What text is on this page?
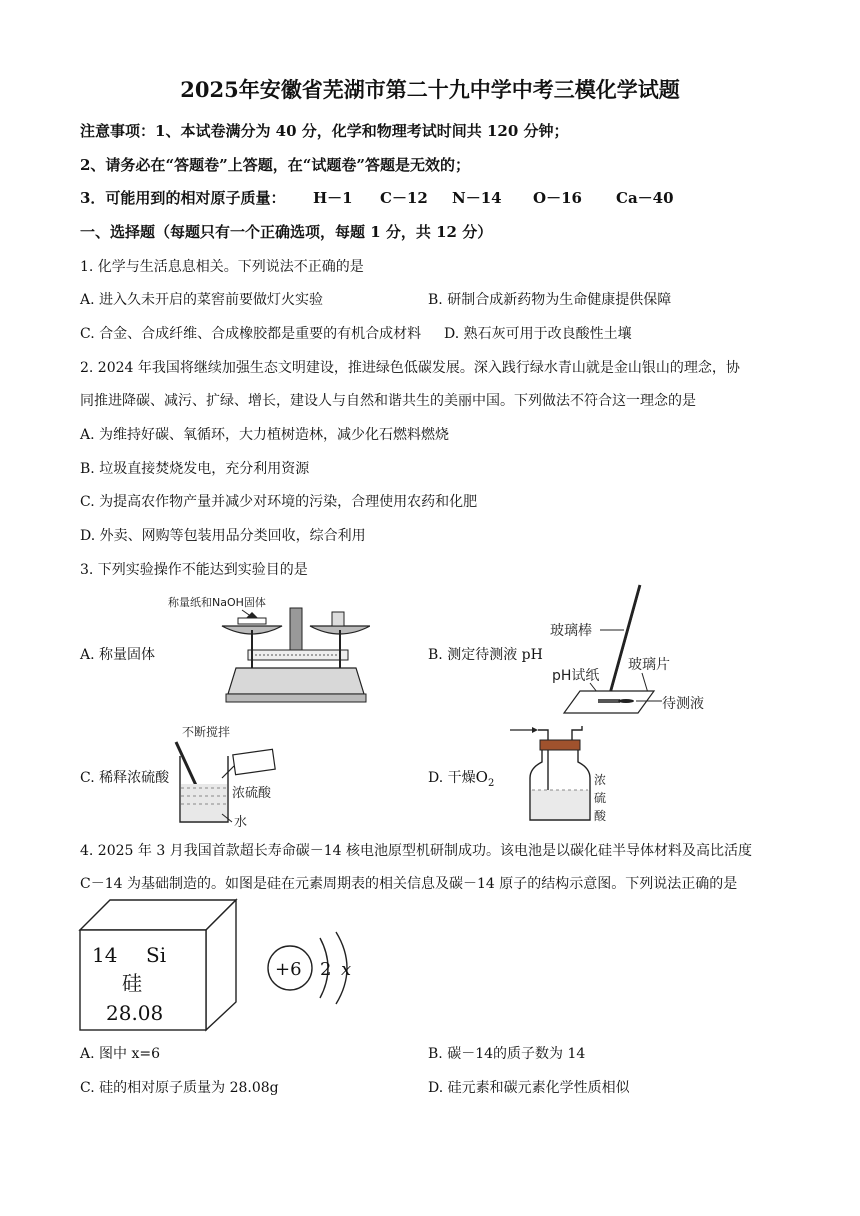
2025年安徽省芜湖市第二十九中学中考三模化学试题
注意事项：1、本试卷满分为 40 分，化学和物理考试时间共 120 分钟；
2、请务必在“答题卷”上答题，在“试题卷”答题是无效的；
3．可能用到的相对原子质量： H－1 C－12 N－14 O－16 Ca－40
一、选择题（每题只有一个正确选项，每题 1 分，共 12 分）
1. 化学与生活息息相关。下列说法不正确的是
A. 进入久未开启的菜窖前要做灯火实验	B. 研制合成新药物为生命健康提供保障
C. 合金、合成纤维、合成橡胶都是重要的有机合成材料 D. 熟石灰可用于改良酸性土壤
2. 2024 年我国将继续加强生态文明建设，推进绿色低碳发展。深入践行绿水青山就是金山银山的理念，协
同推进降碳、减污、扩绿、增长，建设人与自然和谐共生的美丽中国。下列做法不符合这一理念的是
A. 为维持好碳、氧循环，大力植树造林，减少化石燃料燃烧
B. 垃圾直接焚烧发电，充分利用资源
C. 为提高农作物产量并减少对环境的污染，合理使用农药和化肥
D. 外卖、网购等包装用品分类回收，综合利用
3. 下列实验操作不能达到实验目的是
A. 称量固体	B. 测定待测液 pH
C. 稀释浓硫酸	D. 干燥$O_2$
称量纸和NaOH固体
玻璃棒
pH试纸
玻璃片
待测液
不断搅拌
浓硫酸
水
浓
硫
酸
4. 2025 年 3 月我国首款超长寿命碳－14 核电池原型机研制成功。该电池是以碳化硅半导体材料及高比活度
C－14 为基础制造的。如图是硅在元素周期表的相关信息及碳－14 原子的结构示意图。下列说法正确的是
14 Si
硅
28.08
+6 2 x
A. 图中 x=6	B. 碳－14的质子数为 14
C. 硅的相对原子质量为 28.08g	D. 硅元素和碳元素化学性质相似
